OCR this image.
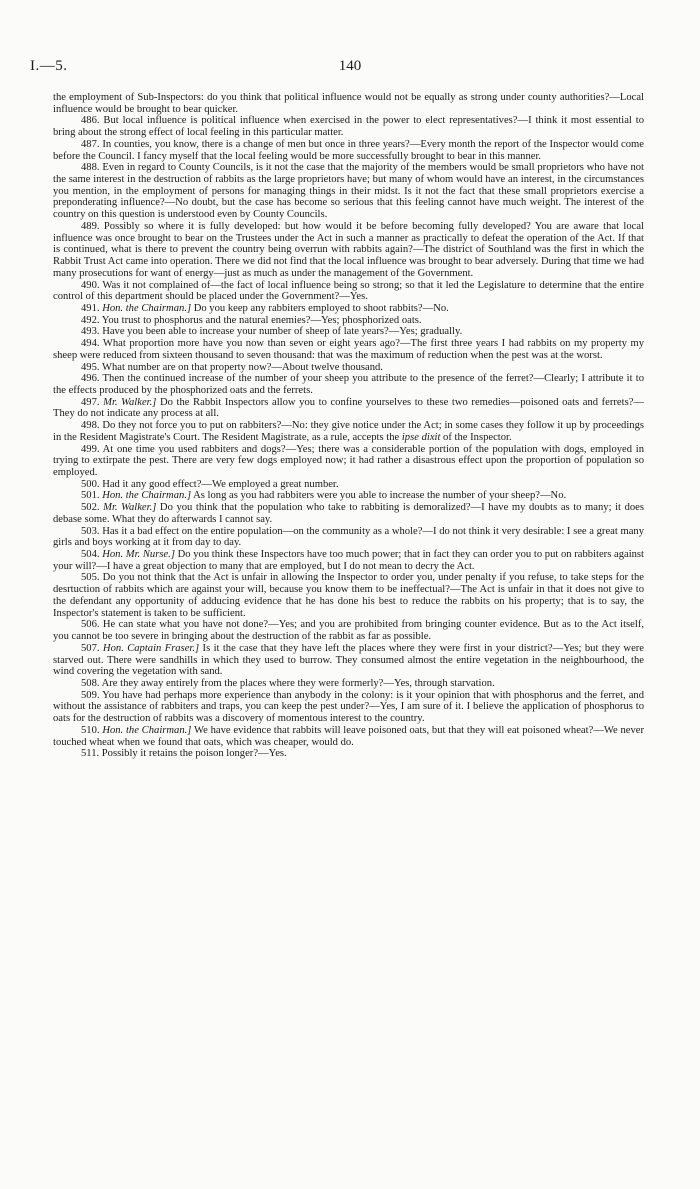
I.—5.	140

the employment of Sub-Inspectors: do you think that political influence would not be equally as strong under county authorities?—Local influence would be brought to bear quicker.

486. But local influence is political influence when exercised in the power to elect representatives?—I think it most essential to bring about the strong effect of local feeling in this particular matter.

487. In counties, you know, there is a change of men but once in three years?—Every month the report of the Inspector would come before the Council. I fancy myself that the local feeling would be more successfully brought to bear in this manner.

488. Even in regard to County Councils, is it not the case that the majority of the members would be small proprietors who have not the same interest in the destruction of rabbits as the large proprietors have; but many of whom would have an interest, in the circumstances you mention, in the employment of persons for managing things in their midst. Is it not the fact that these small proprietors exercise a preponderating influence?—No doubt, but the case has become so serious that this feeling cannot have much weight. The interest of the country on this question is understood even by County Councils.

489. Possibly so where it is fully developed: but how would it be before becoming fully developed? You are aware that local influence was once brought to bear on the Trustees under the Act in such a manner as practically to defeat the operation of the Act. If that is continued, what is there to prevent the country being overrun with rabbits again?—The district of Southland was the first in which the Rabbit Trust Act came into operation. There we did not find that the local influence was brought to bear adversely. During that time we had many prosecutions for want of energy—just as much as under the management of the Government.

490. Was it not complained of—the fact of local influence being so strong; so that it led the Legislature to determine that the entire control of this department should be placed under the Government?—Yes.

491. Hon. the Chairman.] Do you keep any rabbiters employed to shoot rabbits?—No.

492. You trust to phosphorus and the natural enemies?—Yes; phosphorized oats.

493. Have you been able to increase your number of sheep of late years?—Yes; gradually.

494. What proportion more have you now than seven or eight years ago?—The first three years I had rabbits on my property my sheep were reduced from sixteen thousand to seven thousand: that was the maximum of reduction when the pest was at the worst.

495. What number are on that property now?—About twelve thousand.

496. Then the continued increase of the number of your sheep you attribute to the presence of the ferret?—Clearly; I attribute it to the effects produced by the phosphorized oats and the ferrets.

497. Mr. Walker.] Do the Rabbit Inspectors allow you to confine yourselves to these two remedies—poisoned oats and ferrets?—They do not indicate any process at all.

498. Do they not force you to put on rabbiters?—No: they give notice under the Act; in some cases they follow it up by proceedings in the Resident Magistrate's Court. The Resident Magistrate, as a rule, accepts the ipse dixit of the Inspector.

499. At one time you used rabbiters and dogs?—Yes; there was a considerable portion of the population with dogs, employed in trying to extirpate the pest. There are very few dogs employed now; it had rather a disastrous effect upon the proportion of population so employed.

500. Had it any good effect?—We employed a great number.

501. Hon. the Chairman.] As long as you had rabbiters were you able to increase the number of your sheep?—No.

502. Mr. Walker.] Do you think that the population who take to rabbiting is demoralized?—I have my doubts as to many; it does debase some. What they do afterwards I cannot say.

503. Has it a bad effect on the entire population—on the community as a whole?—I do not think it very desirable: I see a great many girls and boys working at it from day to day.

504. Hon. Mr. Nurse.] Do you think these Inspectors have too much power; that in fact they can order you to put on rabbiters against your will?—I have a great objection to many that are employed, but I do not mean to decry the Act.

505. Do you not think that the Act is unfair in allowing the Inspector to order you, under penalty if you refuse, to take steps for the desrtuction of rabbits which are against your will, because you know them to be ineffectual?—The Act is unfair in that it does not give to the defendant any opportunity of adducing evidence that he has done his best to reduce the rabbits on his property; that is to say, the Inspector's statement is taken to be sufficient.

506. He can state what you have not done?—Yes; and you are prohibited from bringing counter evidence. But as to the Act itself, you cannot be too severe in bringing about the destruction of the rabbit as far as possible.

507. Hon. Captain Fraser.] Is it the case that they have left the places where they were first in your district?—Yes; but they were starved out. There were sandhills in which they used to burrow. They consumed almost the entire vegetation in the neighbourhood, the wind covering the vegetation with sand.

508. Are they away entirely from the places where they were formerly?—Yes, through starvation.

509. You have had perhaps more experience than anybody in the colony: is it your opinion that with phosphorus and the ferret, and without the assistance of rabbiters and traps, you can keep the pest under?—Yes, I am sure of it. I believe the application of phosphorus to oats for the destruction of rabbits was a discovery of momentous interest to the country.

510. Hon. the Chairman.] We have evidence that rabbits will leave poisoned oats, but that they will eat poisoned wheat?—We never touched wheat when we found that oats, which was cheaper, would do.

511. Possibly it retains the poison longer?—Yes.
